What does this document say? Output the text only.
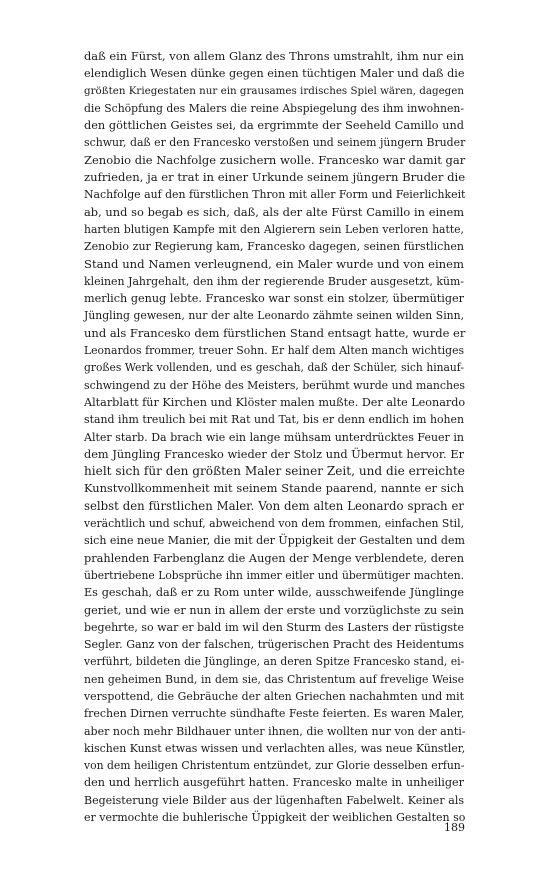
daß ein Fürst, von allem Glanz des Throns umstrahlt, ihm nur ein
elendiglich Wesen dünke gegen einen tüchtigen Maler und daß die
größten Kriegestaten nur ein grausames irdisches Spiel wären, dagegen
die Schöpfung des Malers die reine Abspiegelung des ihm inwohnen-
den göttlichen Geistes sei, da ergrimmte der Seeheld Camillo und
schwur, daß er den Francesko verstoßen und seinem jüngern Bruder
Zenobio die Nachfolge zusichern wolle. Francesko war damit gar
zufrieden, ja er trat in einer Urkunde seinem jüngern Bruder die
Nachfolge auf den fürstlichen Thron mit aller Form und Feierlichkeit
ab, und so begab es sich, daß, als der alte Fürst Camillo in einem
harten blutigen Kampfe mit den Algierern sein Leben verloren hatte,
Zenobio zur Regierung kam, Francesko dagegen, seinen fürstlichen
Stand und Namen verleugnend, ein Maler wurde und von einem
kleinen Jahrgehalt, den ihm der regierende Bruder ausgesetzt, küm-
merlich genug lebte. Francesko war sonst ein stolzer, übermütiger
Jüngling gewesen, nur der alte Leonardo zähmte seinen wilden Sinn,
und als Francesko dem fürstlichen Stand entsagt hatte, wurde er
Leonardos frommer, treuer Sohn. Er half dem Alten manch wichtiges
großes Werk vollenden, und es geschah, daß der Schüler, sich hinauf-
schwingend zu der Höhe des Meisters, berühmt wurde und manches
Altarblatt für Kirchen und Klöster malen mußte. Der alte Leonardo
stand ihm treulich bei mit Rat und Tat, bis er denn endlich im hohen
Alter starb. Da brach wie ein lange mühsam unterdrücktes Feuer in
dem Jüngling Francesko wieder der Stolz und Übermut hervor. Er
hielt sich für den größten Maler seiner Zeit, und die erreichte
Kunstvollkommenheit mit seinem Stande paarend, nannte er sich
selbst den fürstlichen Maler. Von dem alten Leonardo sprach er
verächtlich und schuf, abweichend von dem frommen, einfachen Stil,
sich eine neue Manier, die mit der Üppigkeit der Gestalten und dem
prahlenden Farbenglanz die Augen der Menge verblendete, deren
übertriebene Lobsprüche ihn immer eitler und übermütiger machten.
Es geschah, daß er zu Rom unter wilde, ausschweifende Jünglinge
geriet, und wie er nun in allem der erste und vorzüglichste zu sein
begehrte, so war er bald im wil den Sturm des Lasters der rüstigste
Segler. Ganz von der falschen, trügerischen Pracht des Heidentums
verführt, bildeten die Jünglinge, an deren Spitze Francesko stand, ei-
nen geheimen Bund, in dem sie, das Christentum auf frevelige Weise
verspottend, die Gebräuche der alten Griechen nachahmten und mit
frechen Dirnen verruchte sündhafte Feste feierten. Es waren Maler,
aber noch mehr Bildhauer unter ihnen, die wollten nur von der anti-
kischen Kunst etwas wissen und verlachten alles, was neue Künstler,
von dem heiligen Christentum entzündet, zur Glorie desselben erfun-
den und herrlich ausgeführt hatten. Francesko malte in unheiliger
Begeisterung viele Bilder aus der lügenhaften Fabelwelt. Keiner als
er vermochte die buhlerische Üppigkeit der weiblichen Gestalten so
189
